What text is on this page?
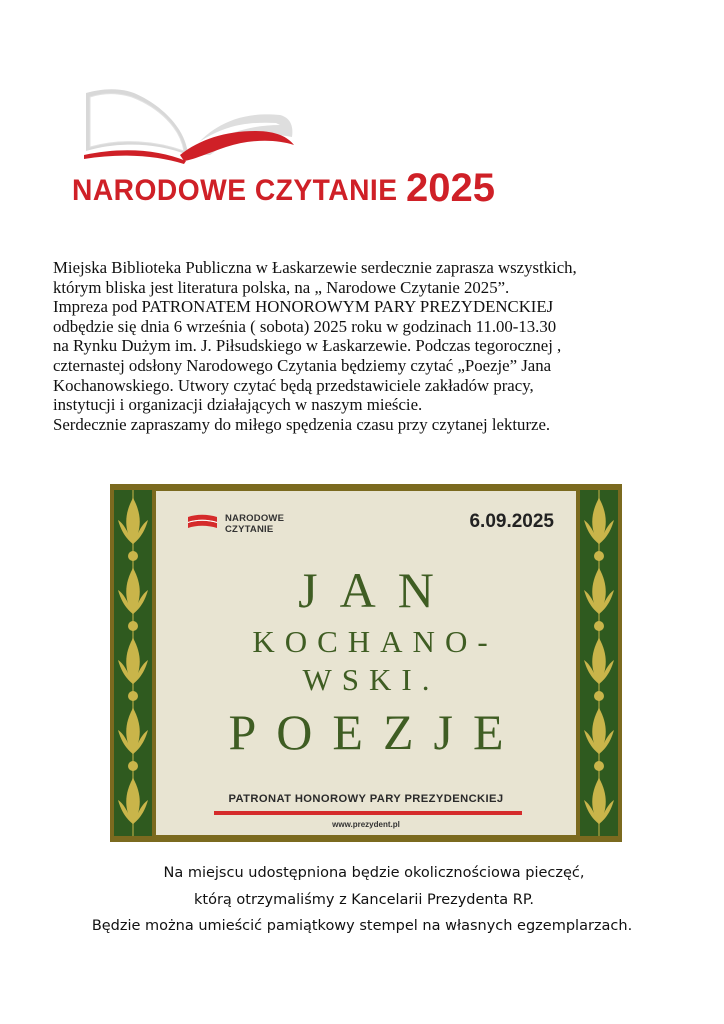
NARODOWE CZYTANIE 2025
Miejska Biblioteka Publiczna w Łaskarzewie serdecznie zaprasza wszystkich,
którym bliska jest literatura polska, na „ Narodowe Czytanie 2025”.
Impreza pod PATRONATEM HONOROWYM PARY PREZYDENCKIEJ
odbędzie się dnia 6 września ( sobota) 2025 roku w godzinach 11.00-13.30
na Rynku Dużym im. J. Piłsudskiego w Łaskarzewie. Podczas tegorocznej ,
czternastej odsłony Narodowego Czytania będziemy czytać „Poezje” Jana
Kochanowskiego. Utwory czytać będą przedstawiciele zakładów pracy,
instytucji i organizacji działających w naszym mieście.
Serdecznie zapraszamy do miłego spędzenia czasu przy czytanej lekturze.
NARODOWE
CZYTANIE	6.09.2025
JAN
KOCHANO-
WSKI.
POEZJE
PATRONAT HONOROWY PARY PREZYDENCKIEJ
www.prezydent.pl
Na miejscu udostępniona będzie okolicznościowa pieczęć,
którą otrzymaliśmy z Kancelarii Prezydenta RP.
Będzie można umieścić pamiątkowy stempel na własnych egzemplarzach.
